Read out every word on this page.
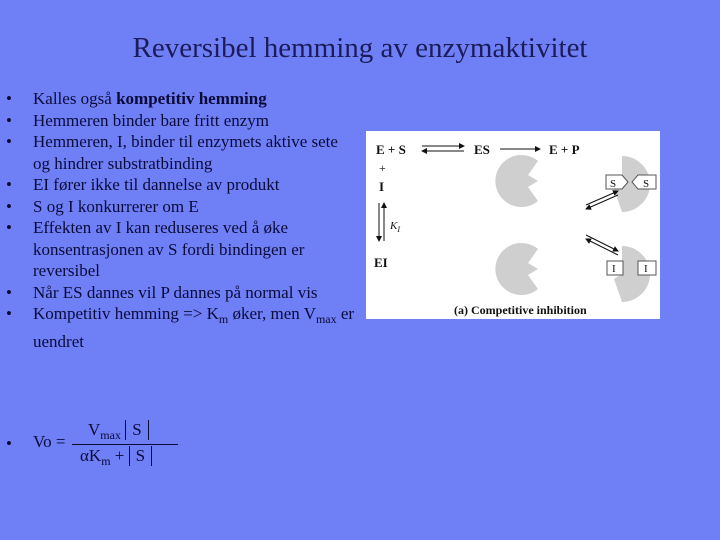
Reversibel hemming av enzymaktivitet
• Kalles også kompetitiv hemming
• Hemmeren binder bare fritt enzym
• Hemmeren, I, binder til enzymets aktive sete og hindrer substratbinding
• EI fører ikke til dannelse av produkt
• S og I konkurrerer om E
• Effekten av I kan reduseres ved å øke konsentrasjonen av S fordi bindingen er reversibel
• Når ES dannes vil P dannes på normal vis
• Kompetitiv $hemming => K_m$ øker, men $V_{max}$ er uendret
• Vo =
$V_{max}$ S
$\alpha K_m + S$
E + S	ES	E + P
+
I
$K_I$
EI
S S
I	I
(a) Competitive inhibition
